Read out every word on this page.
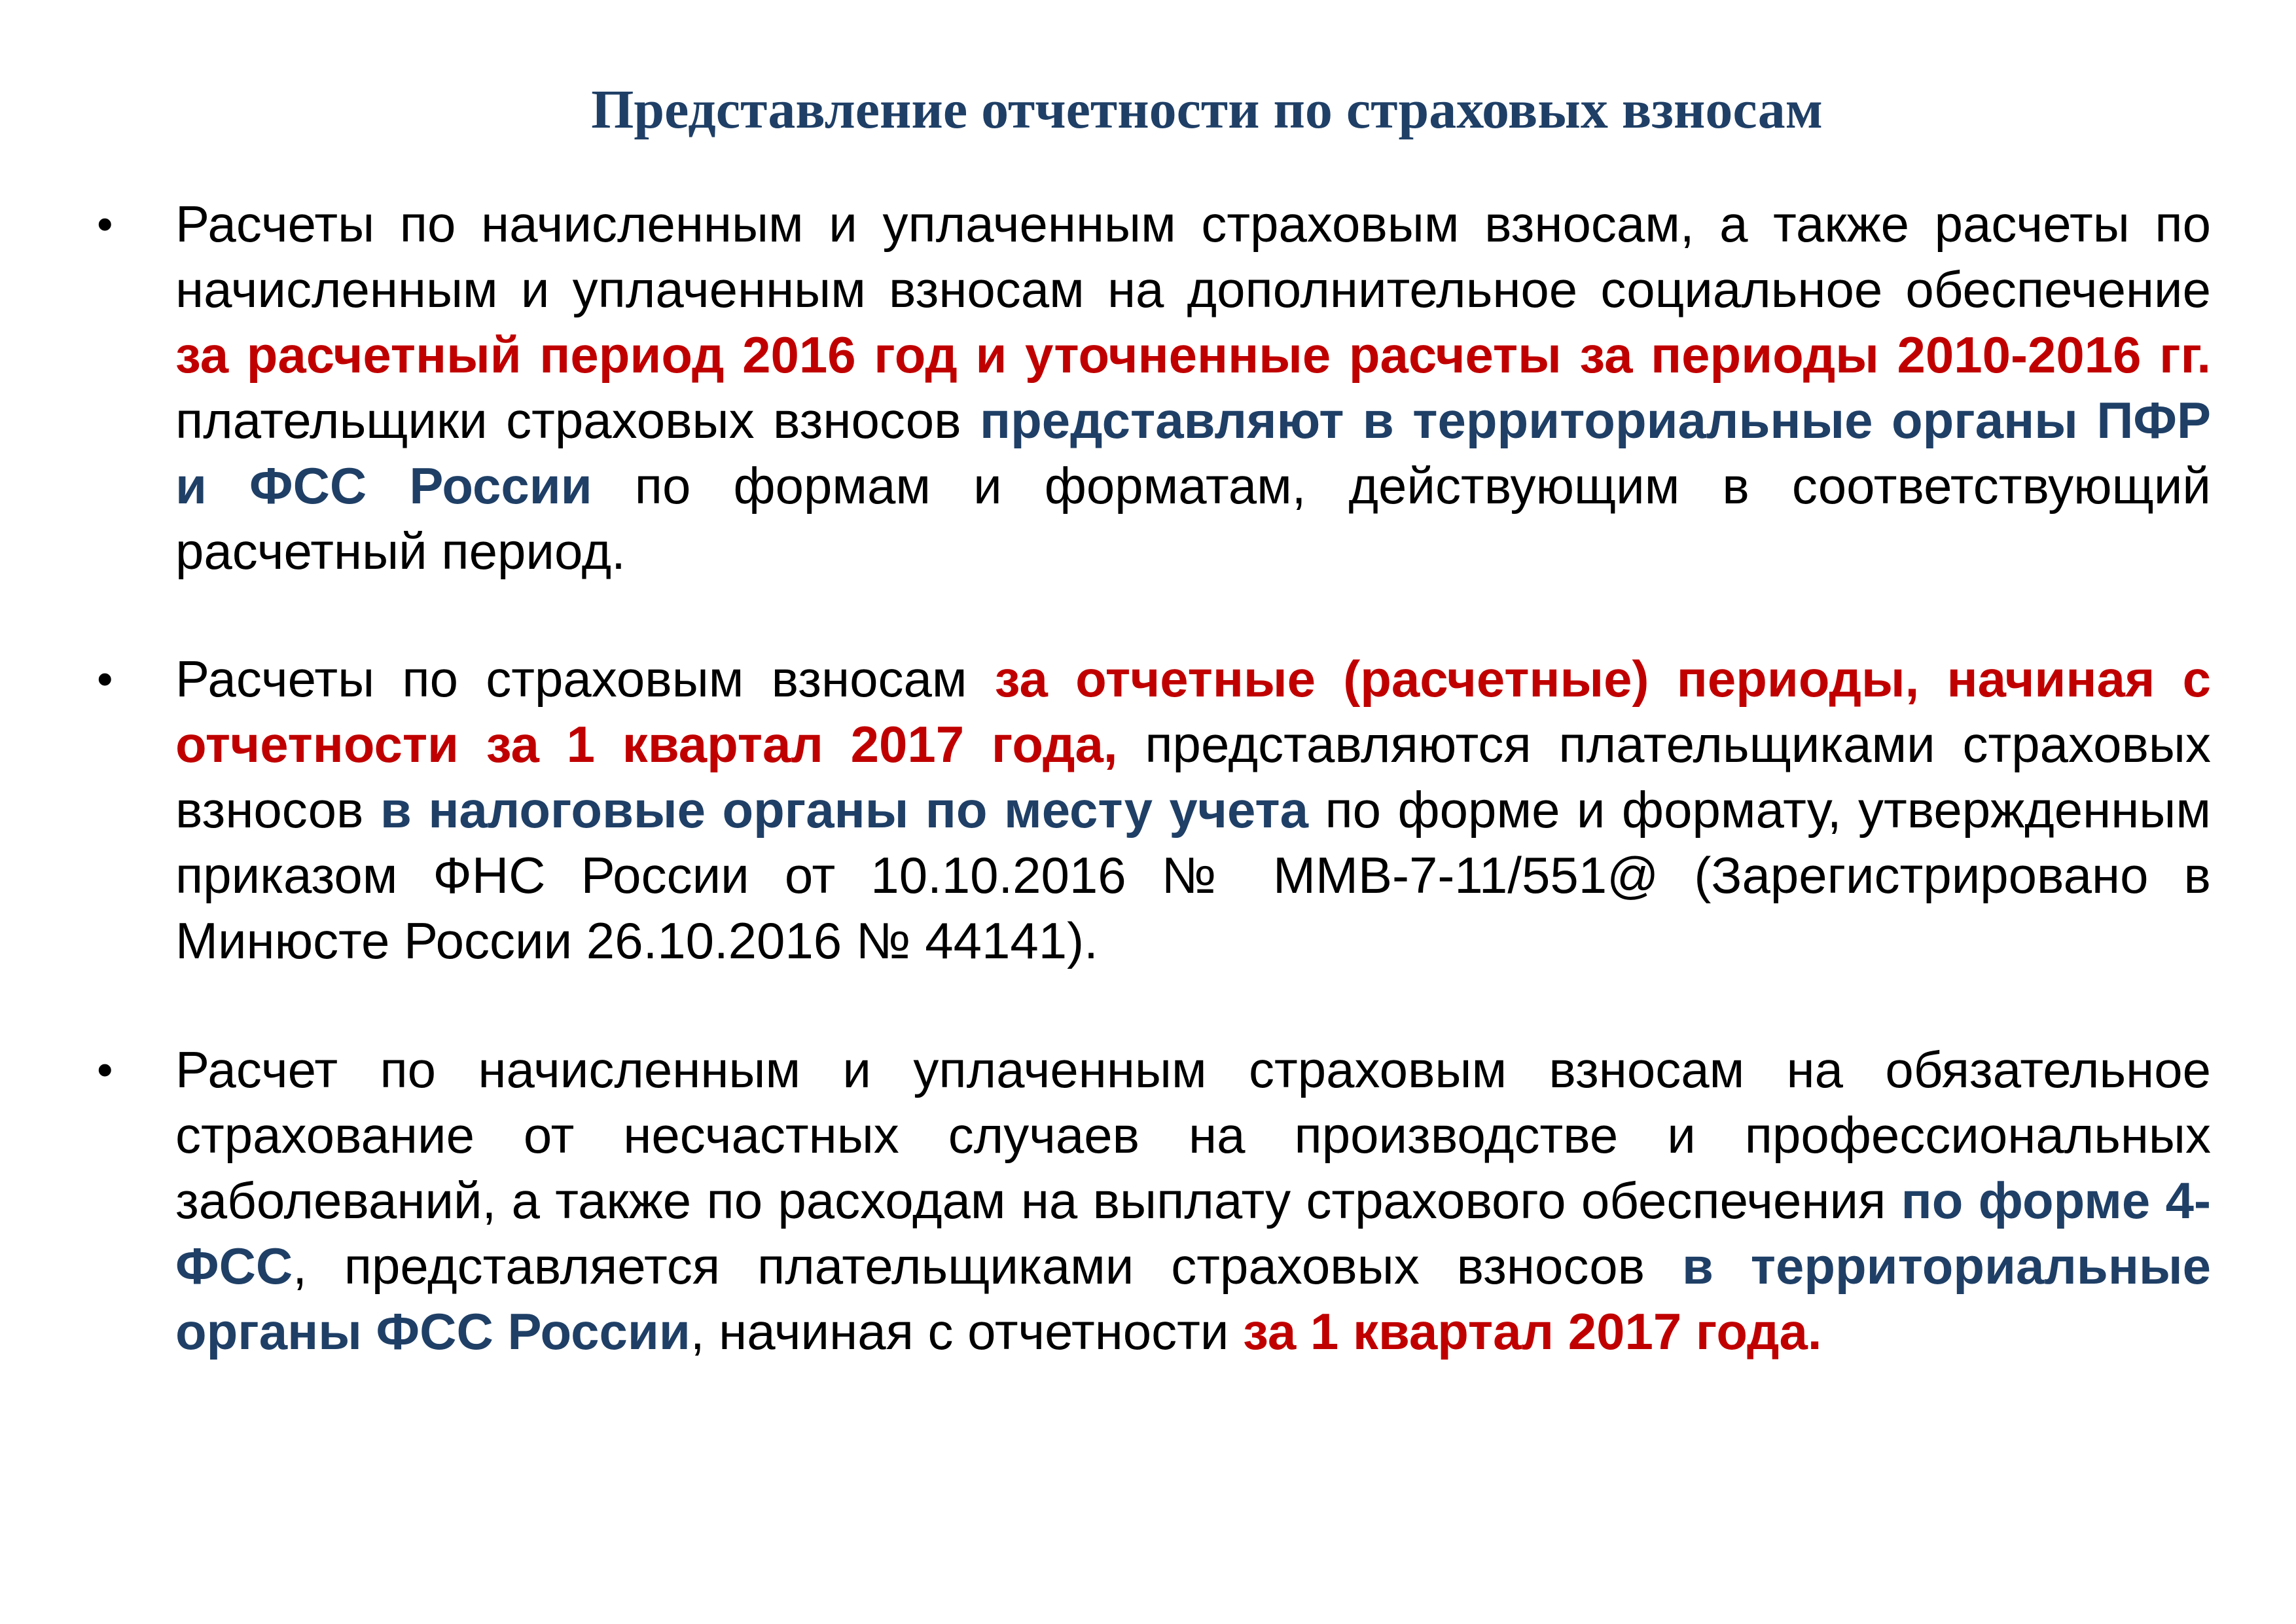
Представление отчетности по страховых взносам
• Расчеты по начисленным и уплаченным страховым взносам, а также расчеты по начисленным и уплаченным взносам на дополнительное социальное обеспечение за расчетный период 2016 год и уточненные расчеты за периоды 2010-2016 гг. плательщики страховых взносов представляют в территориальные органы ПФР и ФСС России по формам и форматам, действующим в соответствующий расчетный период.
• Расчеты по страховым взносам за отчетные (расчетные) периоды, начиная с отчетности за 1 квартал 2017 года, представляются плательщиками страховых взносов в налоговые органы по месту учета по форме и формату, утвержденным приказом ФНС России от 10.10.2016 № ММВ-7-11/551@ (Зарегистрировано в Минюсте России 26.10.2016 № 44141).
• Расчет по начисленным и уплаченным страховым взносам на обязательное страхование от несчастных случаев на производстве и профессиональных заболеваний, а также по расходам на выплату страхового обеспечения по форме 4-ФСС, представляется плательщиками страховых взносов в территориальные органы ФСС России, начиная с отчетности за 1 квартал 2017 года.
